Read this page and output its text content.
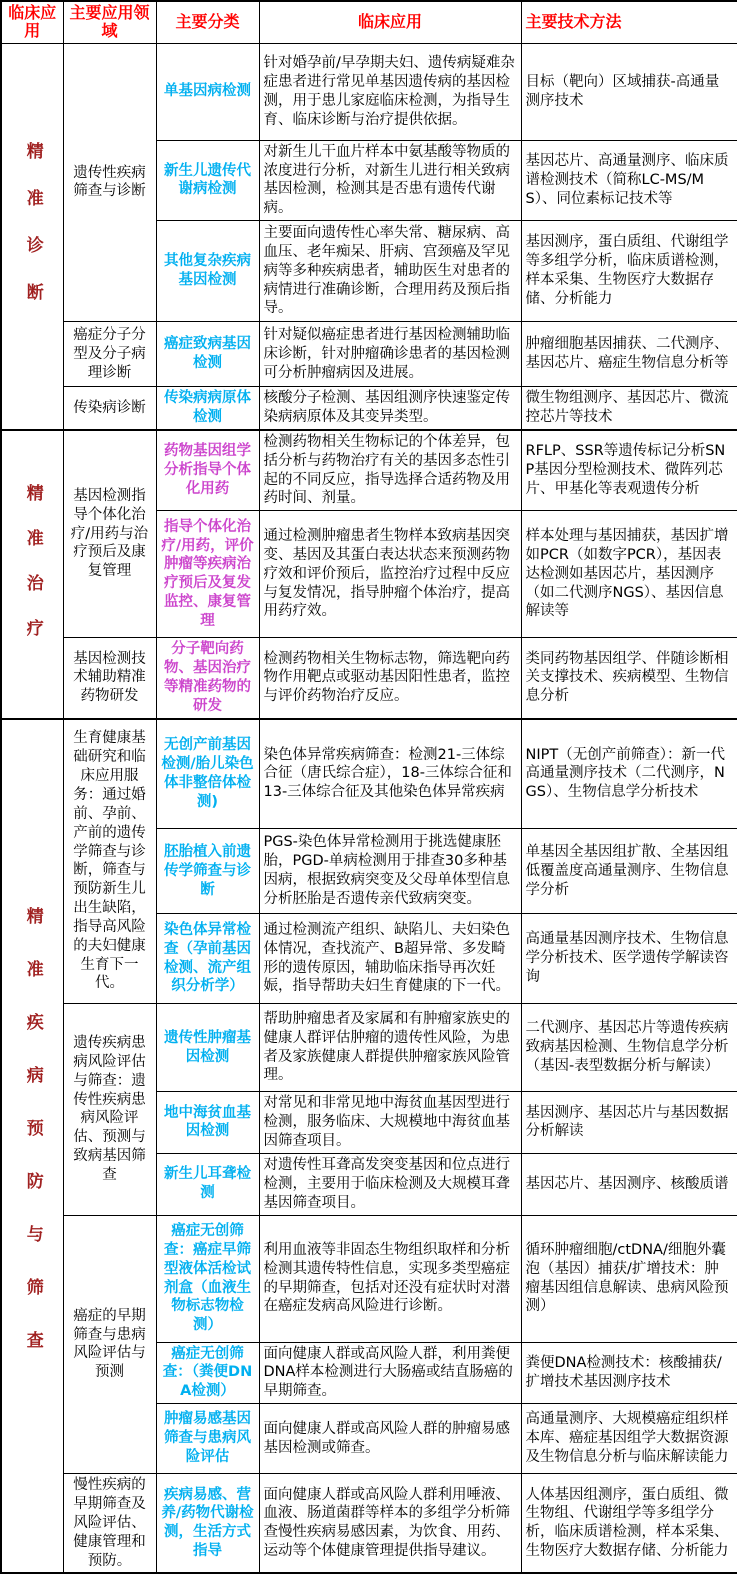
临床应用	主要应用领域	主要分类	临床应用	主要技术方法

精准诊断	遗传性疾病筛查与诊断	单基因病检测	针对婚孕前/早孕期夫妇、遗传病疑难杂症患者进行常见单基因遗传病的基因检测，用于患儿家庭临床检测，为指导生育、临床诊断与治疗提供依据。	目标（靶向）区域捕获-高通量测序技术
		新生儿遗传代谢病检测	对新生儿干血片样本中氨基酸等物质的浓度进行分析，对新生儿进行相关致病基因检测，检测其是否患有遗传代谢病。	基因芯片、高通量测序、临床质谱检测技术（简称LC-MS/MS）、同位素标记技术等
		其他复杂疾病基因检测	主要面向遗传性心率失常、糖尿病、高血压、老年痴呆、肝病、宫颈癌及罕见病等多种疾病患者，辅助医生对患者的病情进行准确诊断，合理用药及预后指导。	基因测序，蛋白质组、代谢组学等多组学分析，临床质谱检测，样本采集、生物医疗大数据存储、分析能力
	癌症分子分型及分子病理诊断	癌症致病基因检测	针对疑似癌症患者进行基因检测辅助临床诊断，针对肿瘤确诊患者的基因检测可分析肿瘤病因及进展。	肿瘤细胞基因捕获、二代测序、基因芯片、癌症生物信息分析等
	传染病诊断	传染病病原体检测	核酸分子检测、基因组测序快速鉴定传染病病原体及其变异类型。	微生物组测序、基因芯片、微流控芯片等技术

精准治疗	基因检测指导个体化治疗/用药与治疗预后及康复管理	药物基因组学分析指导个体化用药	检测药物相关生物标记的个体差异，包括分析与药物治疗有关的基因多态性引起的不同反应，指导选择合适药物及用药时间、剂量。	RFLP、SSR等遗传标记分析SNP基因分型检测技术、微阵列芯片、甲基化等表观遗传分析
		指导个体化治疗/用药，评价肿瘤等疾病治疗预后及复发监控、康复管理	通过检测肿瘤患者生物样本致病基因突变、基因及其蛋白表达状态来预测药物疗效和评价预后，监控治疗过程中反应与复发情况，指导肿瘤个体治疗，提高用药疗效。	样本处理与基因捕获，基因扩增如PCR（如数字PCR），基因表达检测如基因芯片，基因测序（如二代测序NGS）、基因信息解读等
	基因检测技术辅助精准药物研发	分子靶向药物、基因治疗等精准药物的研发	检测药物相关生物标志物，筛选靶向药物作用靶点或驱动基因阳性患者，监控与评价药物治疗反应。	类同药物基因组学、伴随诊断相关支撑技术、疾病模型、生物信息分析

精准疾病预防与筛查	生育健康基础研究和临床应用服务：通过婚前、孕前、产前的遗传学筛查与诊断，筛查与预防新生儿出生缺陷，指导高风险的夫妇健康生育下一代。	无创产前基因检测/胎儿染色体非整倍体检测)	染色体异常疾病筛查：检测21-三体综合征（唐氏综合症），18-三体综合征和13-三体综合征及其他染色体异常疾病	NIPT（无创产前筛查）：新一代高通量测序技术（二代测序，NGS）、生物信息学分析技术
		胚胎植入前遗传学筛查与诊断	PGS-染色体异常检测用于挑选健康胚胎，PGD-单病检测用于排查30多种基因病，根据致病突变及父母单体型信息分析胚胎是否遗传亲代致病突变。	单基因全基因组扩散、全基因组低覆盖度高通量测序、生物信息学分析
		染色体异常检查（孕前基因检测、流产组织分析学）	通过检测流产组织、缺陷儿、夫妇染色体情况，查找流产、B超异常、多发畸形的遗传原因，辅助临床指导再次妊娠，指导帮助夫妇生育健康的下一代。	高通量基因测序技术、生物信息学分析技术、医学遗传学解读咨询
	遗传疾病患病风险评估与筛查：遗传性疾病患病风险评估、预测与致病基因筛查	遗传性肿瘤基因检测	帮助肿瘤患者及家属和有肿瘤家族史的健康人群评估肿瘤的遗传性风险，为患者及家族健康人群提供肿瘤家族风险管理。	二代测序、基因芯片等遗传疾病致病基因检测、生物信息学分析（基因-表型数据分析与解读）
		地中海贫血基因检测	对常见和非常见地中海贫血基因型进行检测，服务临床、大规模地中海贫血基因筛查项目。	基因测序、基因芯片与基因数据分析解读
		新生儿耳聋检测	对遗传性耳聋高发突变基因和位点进行检测，主要用于临床检测及大规模耳聋基因筛查项目。	基因芯片、基因测序、核酸质谱
	癌症的早期筛查与患病风险评估与预测	癌症无创筛查：癌症早筛型液体活检试剂盒（血液生物标志物检测）	利用血液等非固态生物组织取样和分析检测其遗传特性信息，实现多类型癌症的早期筛查，包括对还没有症状时对潜在癌症发病高风险进行诊断。	循环肿瘤细胞/ctDNA/细胞外囊泡（基因）捕获/扩增技术：肿瘤基因组信息解读、患病风险预测）
		癌症无创筛查：（粪便DNA检测）	面向健康人群或高风险人群，利用粪便DNA样本检测进行大肠癌或结直肠癌的早期筛查。	粪便DNA检测技术：核酸捕获/扩增技术基因测序技术
		肿瘤易感基因筛查与患病风险评估	面向健康人群或高风险人群的肿瘤易感基因检测或筛查。	高通量测序、大规模癌症组织样本库、癌症基因组学大数据资源及生物信息分析与临床解读能力
	慢性疾病的早期筛查及风险评估、健康管理和预防。	疾病易感、营养/药物代谢检测，生活方式指导	面向健康人群或高风险人群利用唾液、血液、肠道菌群等样本的多组学分析筛查慢性疾病易感因素，为饮食、用药、运动等个体健康管理提供指导建议。	人体基因组测序，蛋白质组、微生物组、代谢组学等多组学分析，临床质谱检测，样本采集、生物医疗大数据存储、分析能力
